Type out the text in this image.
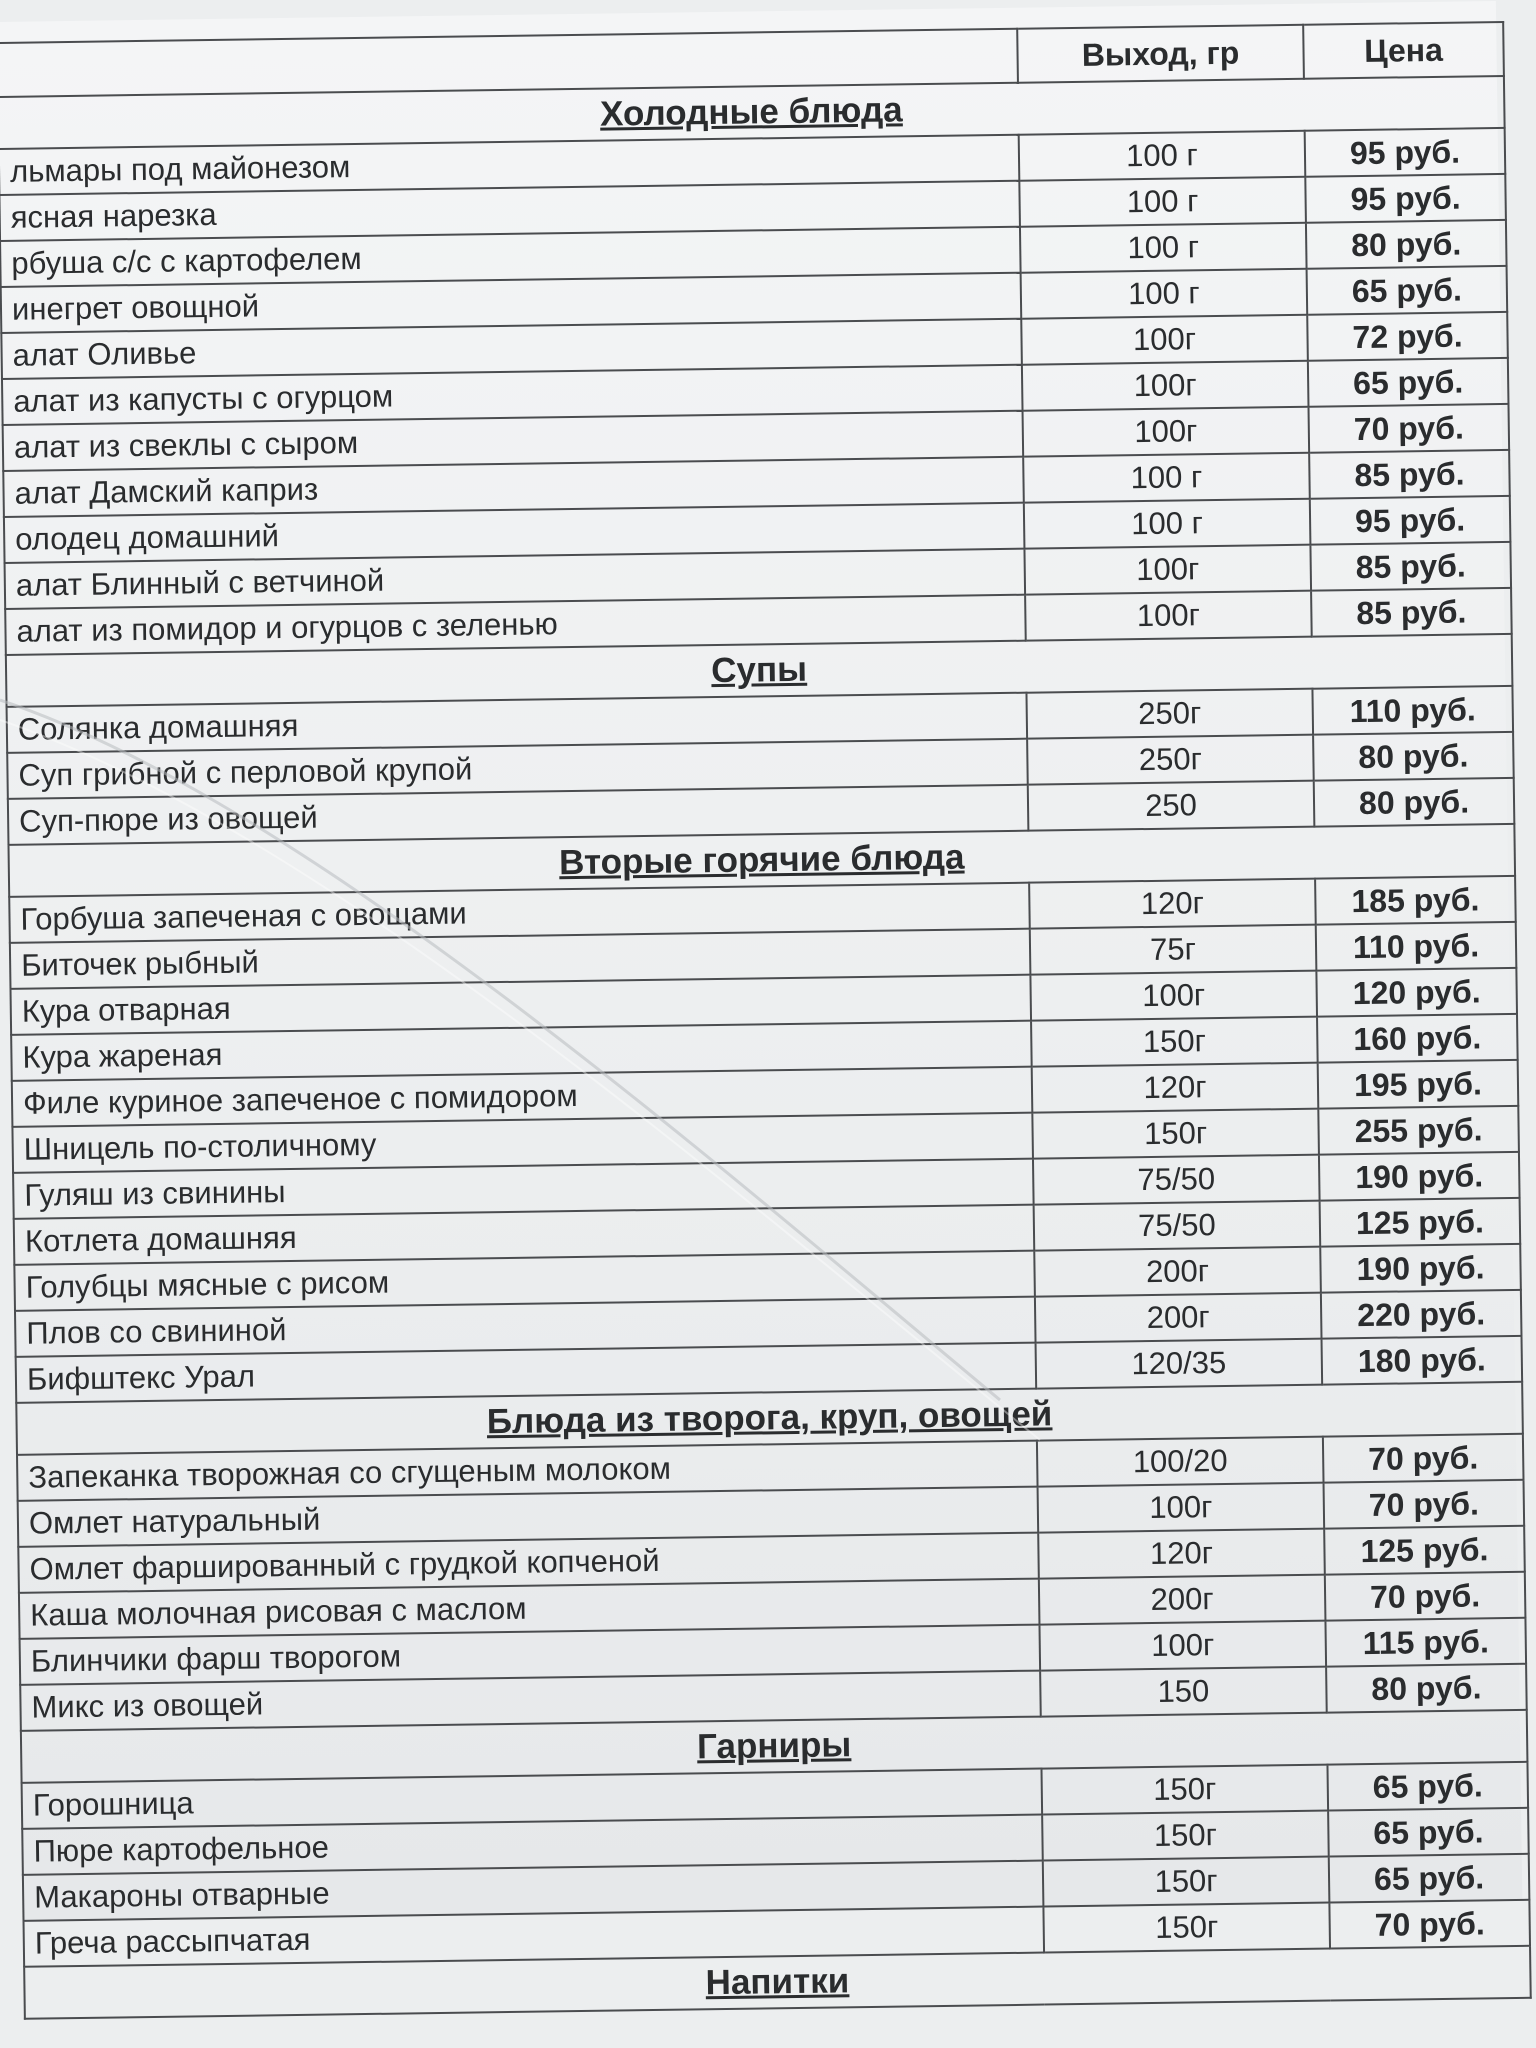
	Выход, гр	Цена
Холодные блюда		
льмары под майонезом	100 г	95 руб.
ясная нарезка	100 г	95 руб.
рбуша с/с с картофелем	100 г	80 руб.
инегрет овощной	100 г	65 руб.
алат Оливье	100г	72 руб.
алат из капусты с огурцом	100г	65 руб.
алат из свеклы с сыром	100г	70 руб.
алат Дамский каприз	100 г	85 руб.
олодец домашний	100 г	95 руб.
алат Блинный с ветчиной	100г	85 руб.
алат из помидор и огурцов с зеленью	100г	85 руб.
Супы		
Солянка домашняя	250г	110 руб.
Суп грибной с перловой крупой	250г	80 руб.
Суп-пюре из овощей	250	80 руб.
Вторые горячие блюда		
Горбуша запеченая с овощами	120г	185 руб.
Биточек рыбный	75г	110 руб.
Кура отварная	100г	120 руб.
Кура жареная	150г	160 руб.
Филе куриное запеченое с помидором	120г	195 руб.
Шницель по-столичному	150г	255 руб.
Гуляш из свинины	75/50	190 руб.
Котлета домашняя	75/50	125 руб.
Голубцы мясные с рисом	200г	190 руб.
Плов со свининой	200г	220 руб.
Бифштекс Урал	120/35	180 руб.
Блюда из творога, круп, овощей		
Запеканка творожная со сгущеным молоком	100/20	70 руб.
Омлет натуральный	100г	70 руб.
Омлет фаршированный с грудкой копченой	120г	125 руб.
Каша молочная рисовая с маслом	200г	70 руб.
Блинчики фарш творогом	100г	115 руб.
Микс из овощей	150	80 руб.
Гарниры		
Горошница	150г	65 руб.
Пюре картофельное	150г	65 руб.
Макароны отварные	150г	65 руб.
Греча рассыпчатая	150г	70 руб.
Напитки		
